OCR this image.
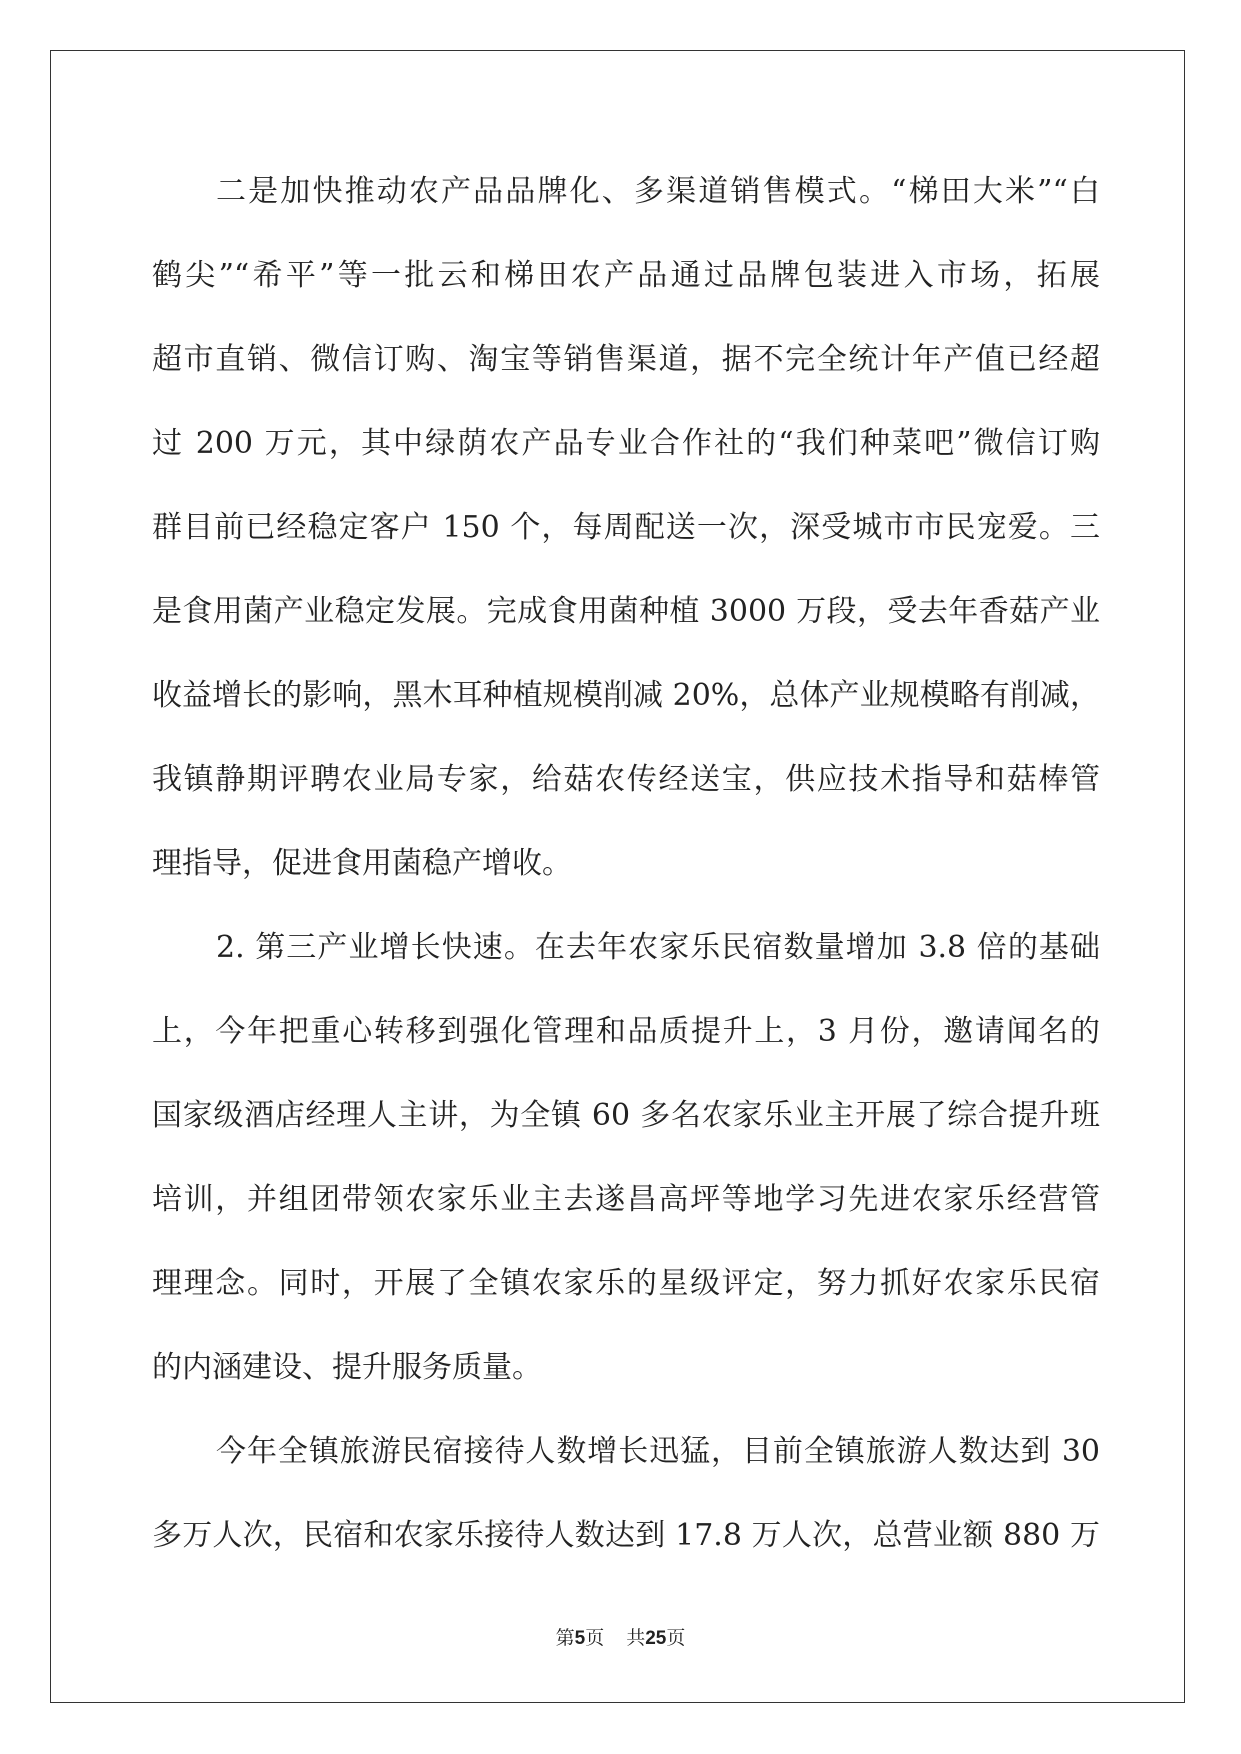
二是加快推动农产品品牌化、多渠道销售模式。“梯田大米”“白
鹤尖”“希平”等一批云和梯田农产品通过品牌包装进入市场，拓展
超市直销、微信订购、淘宝等销售渠道，据不完全统计年产值已经超
过 200 万元，其中绿荫农产品专业合作社的“我们种菜吧”微信订购
群目前已经稳定客户 150 个，每周配送一次，深受城市市民宠爱。三
是食用菌产业稳定发展。完成食用菌种植 3000 万段，受去年香菇产业
收益增长的影响，黑木耳种植规模削减 20%，总体产业规模略有削减，
我镇静期评聘农业局专家，给菇农传经送宝，供应技术指导和菇棒管
理指导，促进食用菌稳产增收。
2. 第三产业增长快速。在去年农家乐民宿数量增加 3.8 倍的基础
上，今年把重心转移到强化管理和品质提升上，3 月份，邀请闻名的
国家级酒店经理人主讲，为全镇 60 多名农家乐业主开展了综合提升班
培训，并组团带领农家乐业主去遂昌高坪等地学习先进农家乐经营管
理理念。同时，开展了全镇农家乐的星级评定，努力抓好农家乐民宿
的内涵建设、提升服务质量。
今年全镇旅游民宿接待人数增长迅猛，目前全镇旅游人数达到 30
多万人次，民宿和农家乐接待人数达到 17.8 万人次，总营业额 880 万
第5页 共25页
